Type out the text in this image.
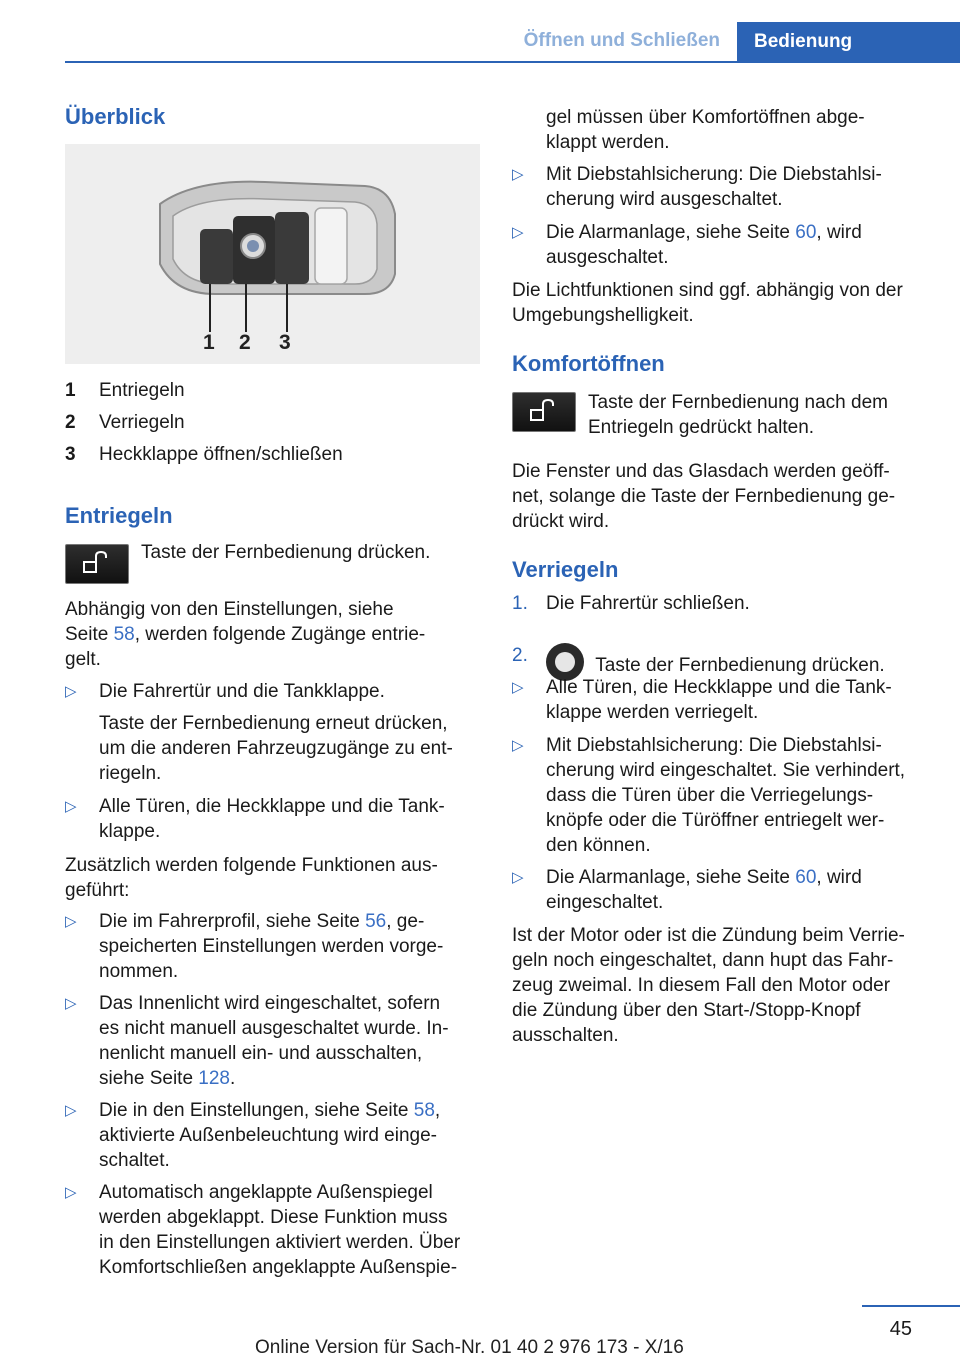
Öffnen und Schließen	Bedienung
Überblick
1 2 3
1	Entriegeln
2	Verriegeln
3	Heckklappe öffnen/schließen
Entriegeln

Taste der Fernbedienung drücken.

Abhängig von den Einstellungen, siehe

Seite 58, werden folgende Zugänge entrie-

gelt.

▷ Die Fahrertür und die Tankklappe.
Taste der Fernbedienung erneut drücken,
um die anderen Fahrzeugzugänge zu ent-
riegeln.
▷ Alle Türen, die Heckklappe und die Tank-
klappe.

Zusätzlich werden folgende Funktionen aus-

geführt:

▷ Die im Fahrerprofil, siehe Seite 56, ge-
speicherten Einstellungen werden vorge-
nommen.
▷ Das Innenlicht wird eingeschaltet, sofern
es nicht manuell ausgeschaltet wurde. In-
nenlicht manuell ein- und ausschalten,
siehe Seite 128.
▷ Die in den Einstellungen, siehe Seite 58,
aktivierte Außenbeleuchtung wird einge-
schaltet.
▷ Automatisch angeklappte Außenspiegel
werden abgeklappt. Diese Funktion muss
in den Einstellungen aktiviert werden. Über
Komfortschließen angeklappte Außenspie-
gel müssen über Komfortöffnen abge-
klappt werden.
▷ Mit Diebstahlsicherung: Die Diebstahlsi-
cherung wird ausgeschaltet.
▷ Die Alarmanlage, siehe Seite 60, wird
ausgeschaltet.

Die Lichtfunktionen sind ggf. abhängig von der

Umgebungshelligkeit.

Komfortöffnen

Taste der Fernbedienung nach dem

Entriegeln gedrückt halten.

Die Fenster und das Glasdach werden geöff-

net, solange die Taste der Fernbedienung ge-

drückt wird.

Verriegeln
1. Die Fahrertür schließen.
2.	Taste der Fernbedienung drücken.
▷ Alle Türen, die Heckklappe und die Tank-
klappe werden verriegelt.
▷ Mit Diebstahlsicherung: Die Diebstahlsi-
cherung wird eingeschaltet. Sie verhindert,
dass die Türen über die Verriegelungs-
knöpfe oder die Türöffner entriegelt wer-
den können.
▷ Die Alarmanlage, siehe Seite 60, wird
eingeschaltet.

Ist der Motor oder ist die Zündung beim Verrie-

geln noch eingeschaltet, dann hupt das Fahr-

zeug zweimal. In diesem Fall den Motor oder

die Zündung über den Start-/Stopp-Knopf

ausschalten.

45
Online Version für Sach-Nr. 01 40 2 976 173 - X/16
